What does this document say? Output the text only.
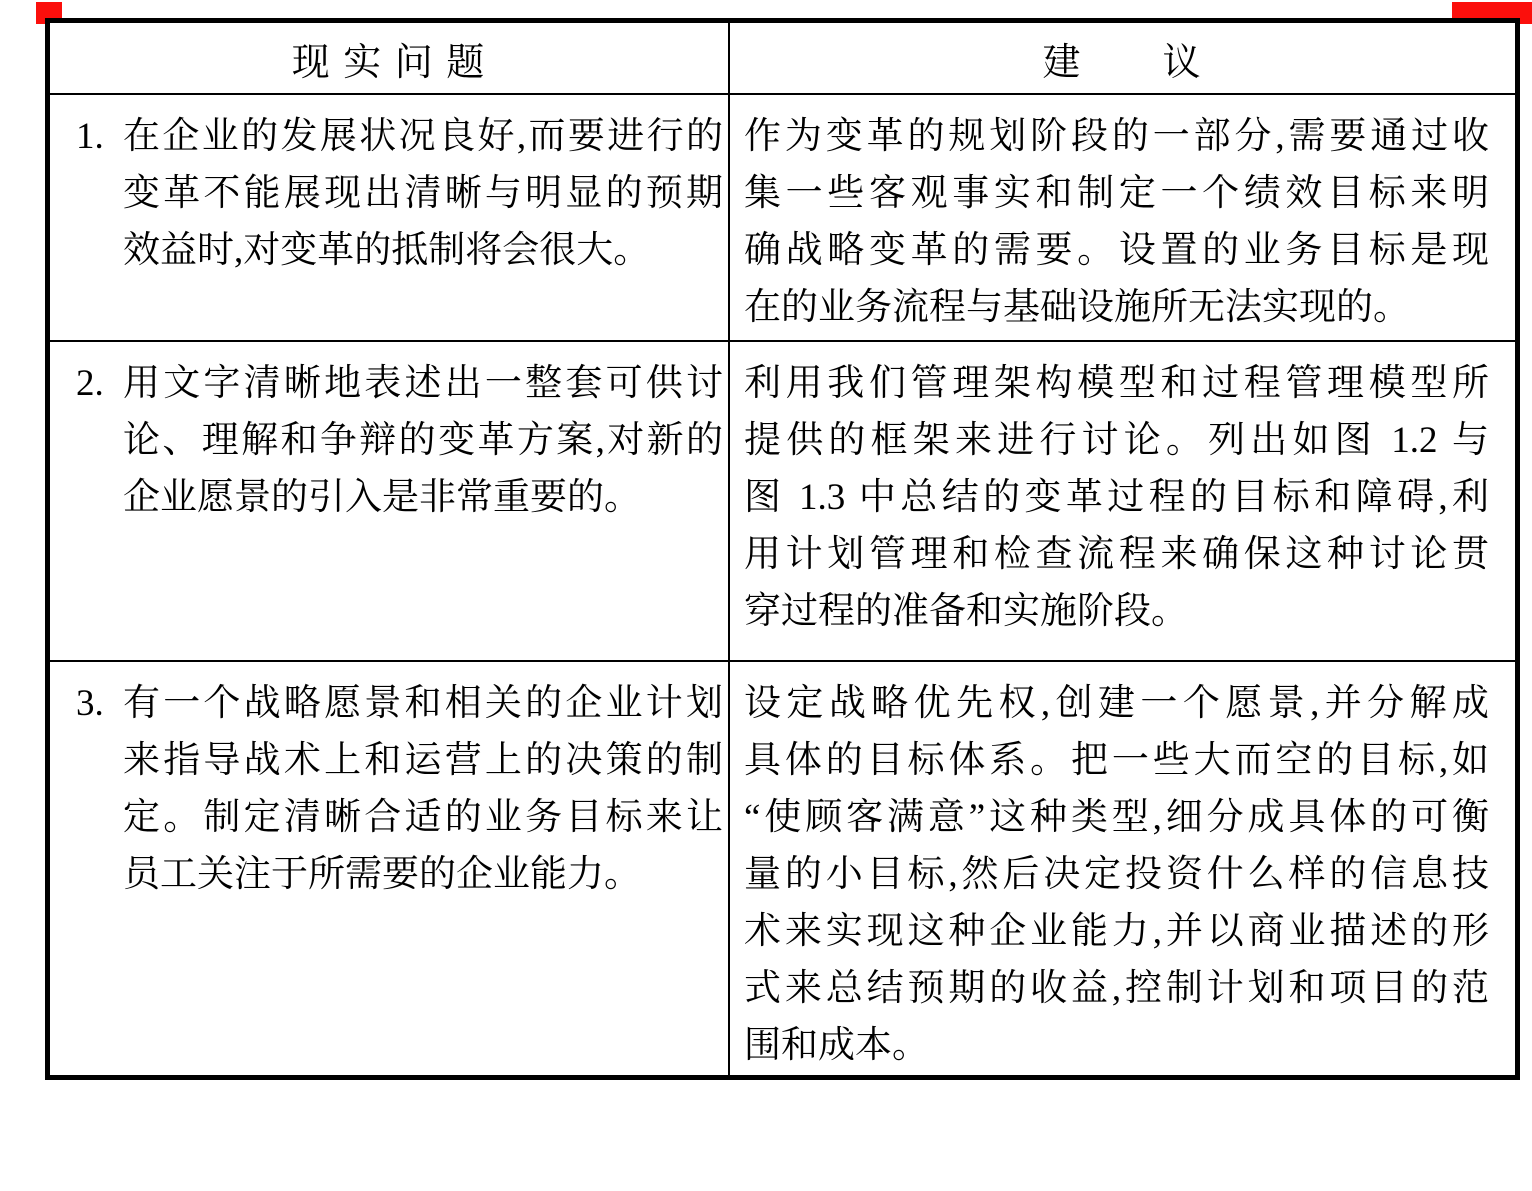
现 实 问 题	建　　议
1. 在企业的发展状况良好,而要进行的
变革不能展现出清晰与明显的预期
效益时,对变革的抵制将会很大。
作为变革的规划阶段的一部分,需要通过收
集一些客观事实和制定一个绩效目标来明
确战略变革的需要。设置的业务目标是现
在的业务流程与基础设施所无法实现的。
2. 用文字清晰地表述出一整套可供讨
论、理解和争辩的变革方案,对新的
企业愿景的引入是非常重要的。
利用我们管理架构模型和过程管理模型所
提供的框架来进行讨论。列出如图 1.2 与
图 1.3 中总结的变革过程的目标和障碍,利
用计划管理和检查流程来确保这种讨论贯
穿过程的准备和实施阶段。
3. 有一个战略愿景和相关的企业计划
来指导战术上和运营上的决策的制
定。制定清晰合适的业务目标来让
员工关注于所需要的企业能力。
设定战略优先权,创建一个愿景,并分解成
具体的目标体系。把一些大而空的目标,如
“使顾客满意”这种类型,细分成具体的可衡
量的小目标,然后决定投资什么样的信息技
术来实现这种企业能力,并以商业描述的形
式来总结预期的收益,控制计划和项目的范
围和成本。
